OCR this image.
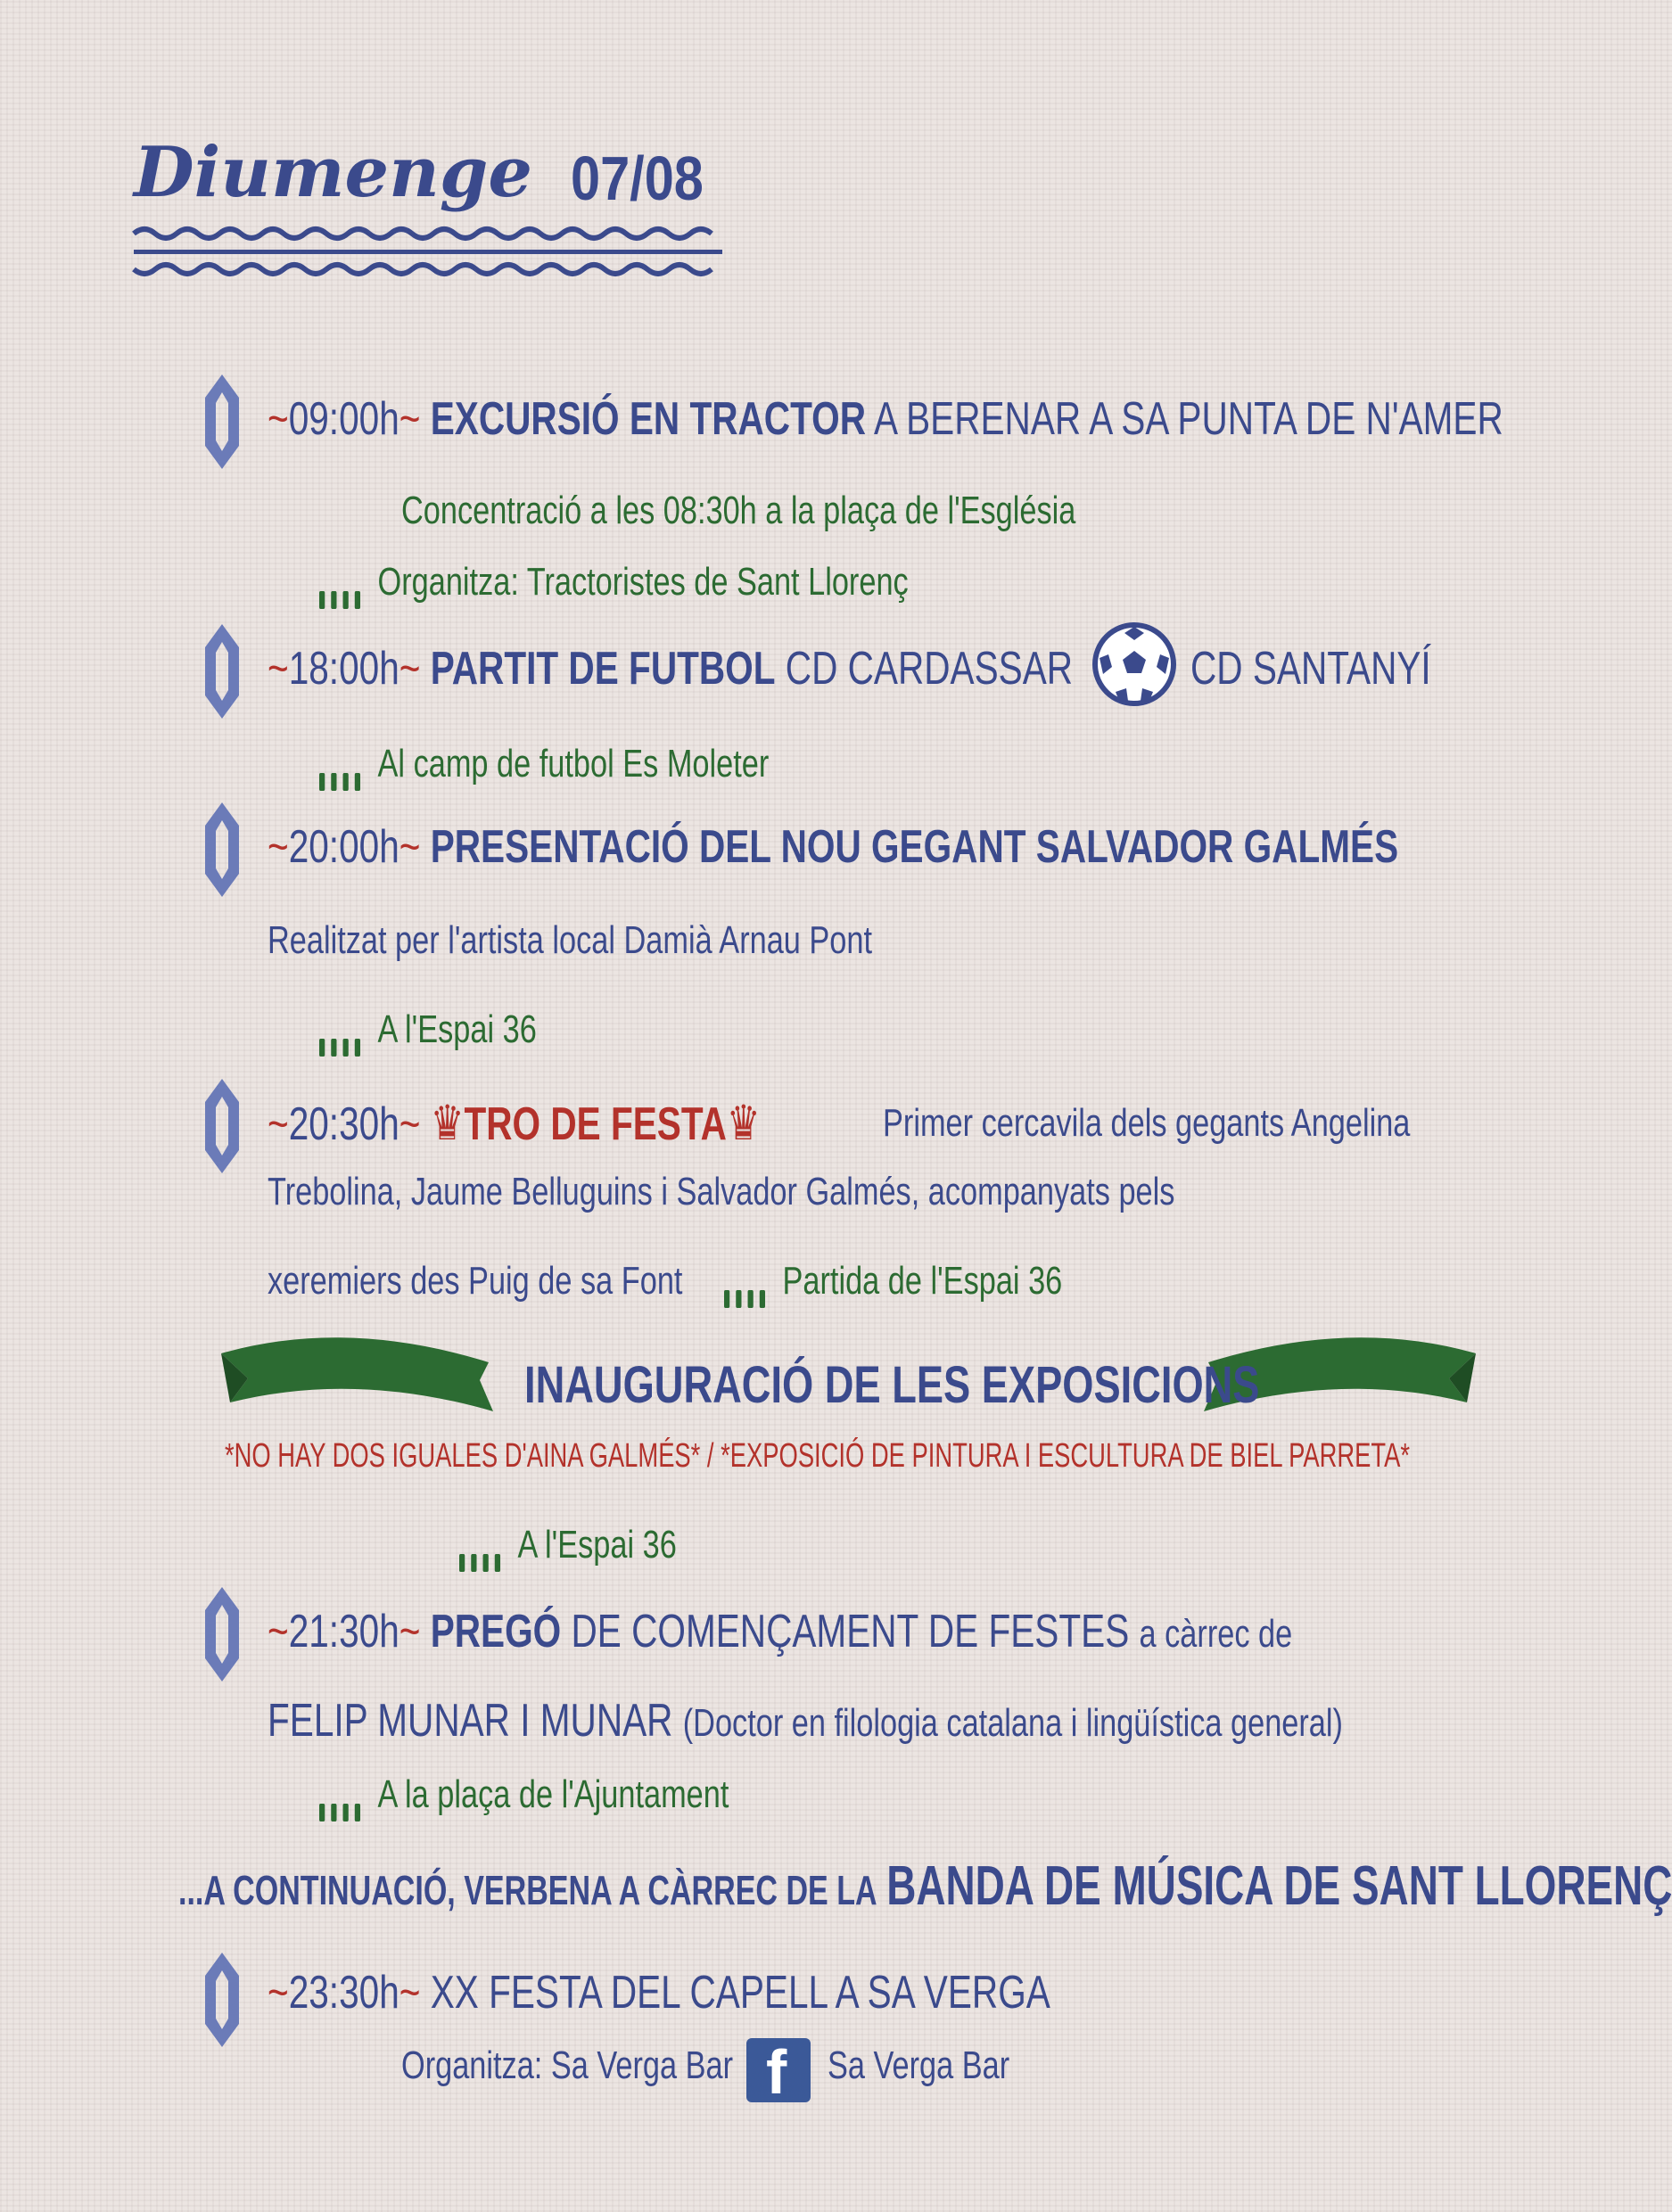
Diumenge 07/08
~09:00h~ EXCURSIÓ EN TRACTOR A BERENAR A SA PUNTA DE N'AMER
Concentració a les 08:30h a la plaça de l'Església
Organitza: Tractoristes de Sant Llorenç
~18:00h~ PARTIT DE FUTBOL CD CARDASSAR	CD SANTANYÍ
Al camp de futbol Es Moleter
~20:00h~ PRESENTACIÓ DEL NOU GEGANT SALVADOR GALMÉS
Realitzat per l'artista local Damià Arnau Pont
A l'Espai 36
~20:30h~ ♛TRO DE FESTA♛	Primer cercavila dels gegants Angelina
Trebolina, Jaume Belluguins i Salvador Galmés, acompanyats pels
xeremiers des Puig de sa Font	Partida de l'Espai 36
INAUGURACIÓ DE LES EXPOSICIONS
*NO HAY DOS IGUALES D'AINA GALMÉS* / *EXPOSICIÓ DE PINTURA I ESCULTURA DE BIEL PARRETA*
A l'Espai 36
~21:30h~ PREGÓ DE COMENÇAMENT DE FESTES a càrrec de
FELIP MUNAR I MUNAR (Doctor en filologia catalana i lingüística general)
A la plaça de l'Ajuntament
...A CONTINUACIÓ, VERBENA A CÀRREC DE LA BANDA DE MÚSICA DE SANT LLORENÇ
~23:30h~ XX FESTA DEL CAPELL A SA VERGA
Organitza: Sa Verga Bar f Sa Verga Bar
